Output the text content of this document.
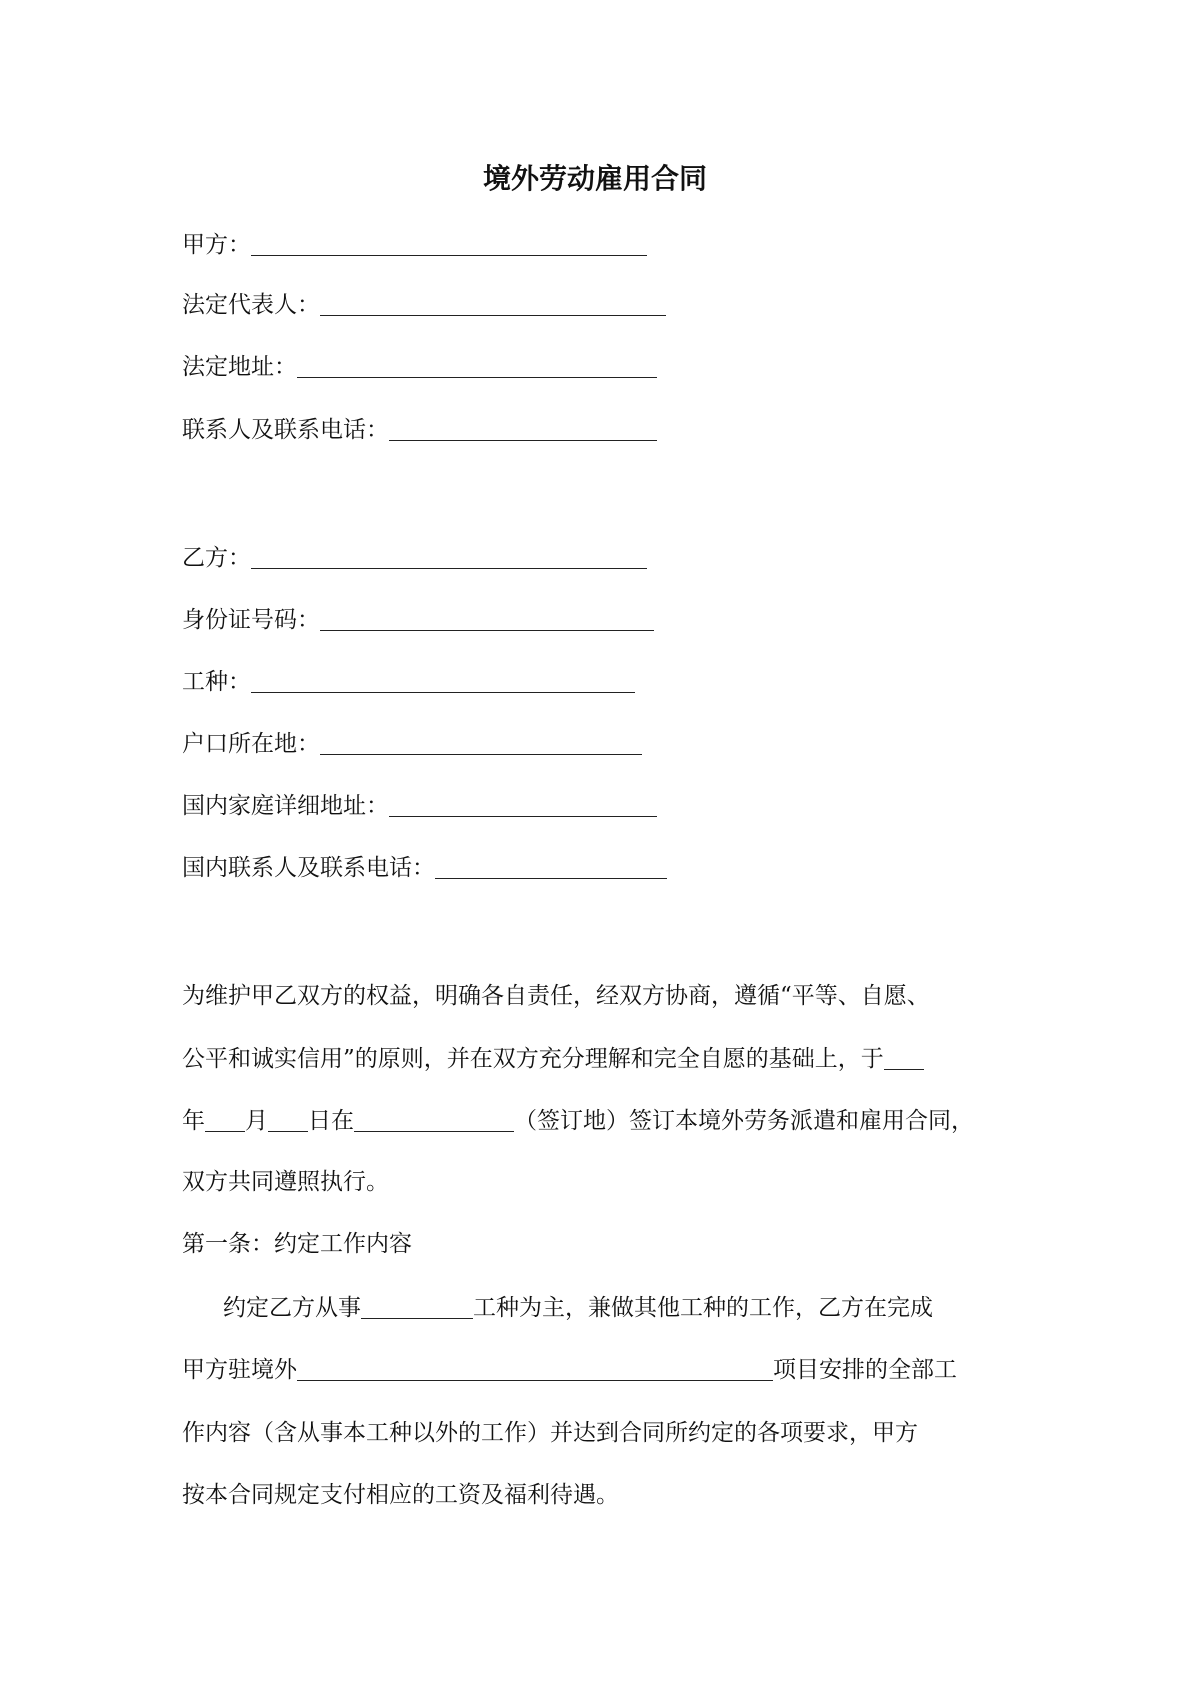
境外劳动雇用合同
甲方：
法定代表人：
法定地址：
联系人及联系电话：
乙方：
身份证号码：
工种：
户口所在地：
国内家庭详细地址：
国内联系人及联系电话：
为维护甲乙双方的权益，明确各自责任，经双方协商，遵循“平等、自愿、
公平和诚实信用”的原则，并在双方充分理解和完全自愿的基础上，于
年 月 日在	（签订地）签订本境外劳务派遣和雇用合同，
双方共同遵照执行。
第一条：约定工作内容
约定乙方从事	工种为主，兼做其他工种的工作，乙方在完成
甲方驻境外	项目安排的全部工
作内容（含从事本工种以外的工作）并达到合同所约定的各项要求，甲方
按本合同规定支付相应的工资及福利待遇。
